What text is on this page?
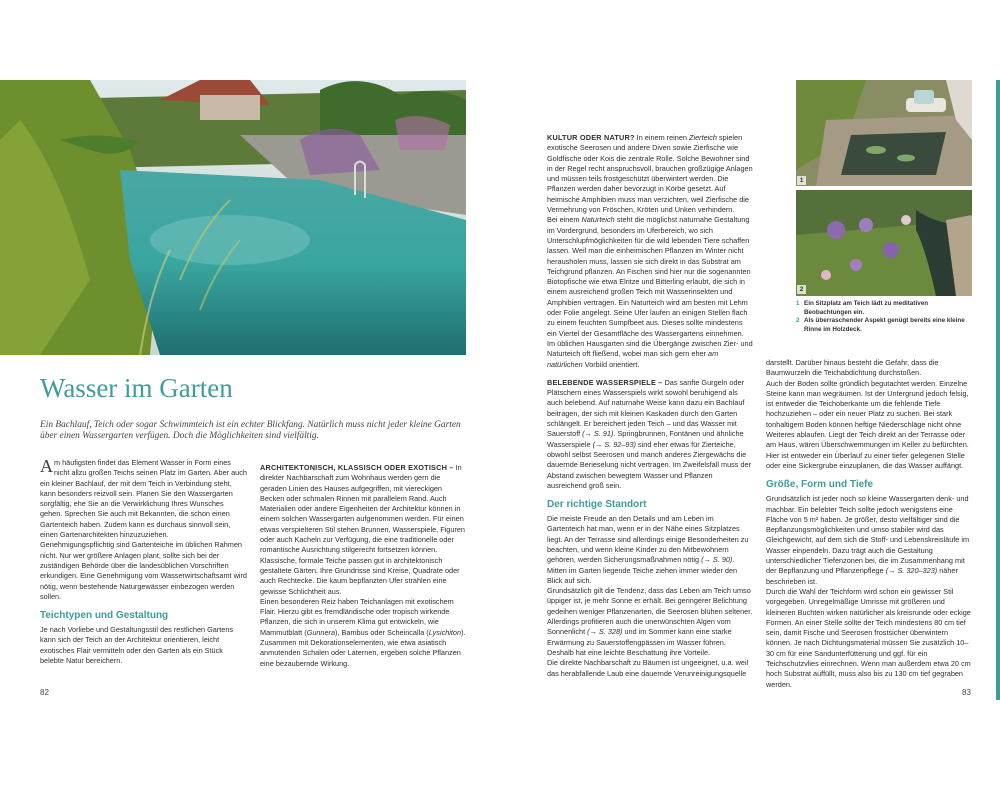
1
2
1 Ein Sitzplatz am Teich lädt zu meditativen Beobachtungen ein.
2 Als überraschender Aspekt genügt bereits eine kleine Rinne im Holzdeck.
Wasser im Garten

Ein Bachlauf, Teich oder sogar Schwimmteich ist ein echter Blickfang. Natürlich muss nicht jeder kleine Garten über einen Wassergarten verfügen. Doch die Möglichkeiten sind vielfältig.

Am häufigsten findet das Element Wasser in Form eines nicht allzu großen Teichs seinen Platz im Garten. Aber auch ein kleiner Bachlauf, der mit dem Teich in Verbindung steht, kann besonders reizvoll sein. Planen Sie den Wassergarten sorgfältig, ehe Sie an die Verwirklichung Ihres Wunsches gehen. Sprechen Sie auch mit Bekannten, die schon einen Gartenteich haben. Zudem kann es durchaus sinnvoll sein, einen Gartenarchitekten hinzuzuziehen.

Genehmigungspflichtig sind Gartenteiche im üblichen Rahmen nicht. Nur wer größere Anlagen plant, sollte sich bei der zuständigen Behörde über die landesüblichen Vorschriften erkundigen. Eine Genehmigung vom Wasserwirtschaftsamt wird nötig, wenn bestehende Naturgewässer einbezogen werden sollen.

Teichtypen und Gestaltung

Je nach Vorliebe und Gestaltungsstil des restlichen Gartens kann sich der Teich an der Architektur orientieren, leicht exotisches Flair vermitteln oder den Garten als ein Stück belebte Natur bereichern.

ARCHITEKTONISCH, KLASSISCH ODER EXOTISCH – In direkter Nachbarschaft zum Wohnhaus werden gern die geraden Linien des Hauses aufgegriffen, mit viereckigen Becken oder schmalen Rinnen mit parallelem Rand. Auch Materialien oder andere Eigenheiten der Architektur können in einem solchen Wassergarten aufgenommen werden. Für einen etwas verspielteren Stil stehen Brunnen, Wasserspiele, Figuren oder auch Kacheln zur Verfügung, die eine traditionelle oder romantische Ausrichtung stilgerecht fortsetzen können.

Klassische, formale Teiche passen gut in architektonisch gestaltete Gärten. Ihre Grundrisse sind Kreise, Quadrate oder auch Rechtecke. Die kaum bepflanzten Ufer strahlen eine gewisse Schlichtheit aus.

Einen besonderen Reiz haben Teichanlagen mit exotischem Flair. Hierzu gibt es fremdländische oder tropisch wirkende Pflanzen, die sich in unserem Klima gut entwickeln, wie Mammutblatt (Gunnera), Bambus oder Scheincalla (Lysichiton). Zusammen mit Dekorationselementen, wie etwa asiatisch anmutenden Schalen oder Laternen, ergeben solche Pflanzen eine bezaubernde Wirkung.

KULTUR ODER NATUR? In einem reinen Zierteich spielen exotische Seerosen und andere Diven sowie Zierfische wie Goldfische oder Kois die zentrale Rolle. Solche Bewohner sind in der Regel recht anspruchsvoll, brauchen großzügige Anlagen und müssen teils frostgeschützt überwintert werden. Die Pflanzen werden daher bevorzugt in Körbe gesetzt. Auf heimische Amphibien muss man verzichten, weil Zierfische die Vermehrung von Fröschen, Kröten und Unken verhindern.

Bei einem Naturteich steht die möglichst naturnahe Gestaltung im Vordergrund, besonders im Uferbereich, wo sich Unterschlupfmöglichkeiten für die wild lebenden Tiere schaffen lassen. Weil man die einheimischen Pflanzen im Winter nicht herausholen muss, lassen sie sich direkt in das Substrat am Teichgrund pflanzen. An Fischen sind hier nur die sogenannten Biotopfische wie etwa Elritze und Bitterling erlaubt, die sich in einem ausreichend großen Teich mit Wasserinsekten und Amphibien vertragen. Ein Naturteich wird am besten mit Lehm oder Folie angelegt. Seine Ufer laufen an einigen Stellen flach zu einem feuchten Sumpfbeet aus. Dieses sollte mindestens ein Viertel der Gesamtfläche des Wassergartens einnehmen.

Im üblichen Hausgarten sind die Übergänge zwischen Zier- und Naturteich oft fließend, wobei man sich gern eher am natürlichen Vorbild orientiert.

BELEBENDE WASSERSPIELE – Das sanfte Gurgeln oder Plätschern eines Wasserspiels wirkt sowohl beruhigend als auch belebend. Auf naturnahe Weise kann dazu ein Bachlauf beitragen, der sich mit kleinen Kaskaden durch den Garten schlängelt. Er bereichert jeden Teich – und das Wasser mit Sauerstoff (→ S. 91). Springbrunnen, Fontänen und ähnliche Wasserspiele (→ S. 92–93) sind eher etwas für Zierteiche, obwohl selbst Seerosen und manch anderes Ziergewächs die dauernde Berieselung nicht vertragen. Im Zweifelsfall muss der Abstand zwischen bewegtem Wasser und Pflanzen ausreichend groß sein.

Der richtige Standort

Die meiste Freude an den Details und am Leben im Gartenteich hat man, wenn er in der Nähe eines Sitzplatzes liegt. An der Terrasse sind allerdings einige Besonderheiten zu beachten, und wenn kleine Kinder zu den Mitbewohnern gehören, werden Sicherungsmaßnahmen nötig (→ S. 90). Mitten im Garten liegende Teiche ziehen immer wieder den Blick auf sich.

Grundsätzlich gilt die Tendenz, dass das Leben am Teich umso üppiger ist, je mehr Sonne er erhält. Bei geringerer Belichtung gedeihen weniger Pflanzenarten, die Seerosen blühen seltener. Allerdings profitieren auch die unerwünschten Algen vom Sonnenlicht (→ S. 328) und im Sommer kann eine starke Erwärmung zu Sauerstoffengpässen im Wasser führen. Deshalb hat eine leichte Beschattung ihre Vorteile.

Die direkte Nachbarschaft zu Bäumen ist ungeeignet, u.a. weil das herabfallende Laub eine dauernde Verunreinigungsquelle

darstellt. Darüber hinaus besteht die Gefahr, dass die Baumwurzeln die Teichabdichtung durchstoßen.

Auch der Boden sollte gründlich begutachtet werden. Einzelne Steine kann man wegräumen. Ist der Untergrund jedoch felsig, ist entweder die Teichoberkante um die fehlende Tiefe hochzuziehen – oder ein neuer Platz zu suchen. Bei stark tonhaltigem Boden können heftige Niederschläge nicht ohne Weiteres ablaufen. Liegt der Teich direkt an der Terrasse oder am Haus, wären Überschwemmungen im Keller zu befürchten. Hier ist entweder ein Überlauf zu einer tiefer gelegenen Stelle oder eine Sickergrube einzuplanen, die das Wasser auffängt.

Größe, Form und Tiefe

Grundsätzlich ist jeder noch so kleine Wassergarten denk- und machbar. Ein belebter Teich sollte jedoch wenigstens eine Fläche von 5 m² haben. Je größer, desto vielfältiger sind die Bepflanzungsmöglichkeiten und umso stabiler wird das Gleichgewicht, auf dem sich die Stoff- und Lebenskreisläufe im Wasser einpendeln. Dazu trägt auch die Gestaltung unterschiedlicher Tiefenzonen bei, die im Zusammenhang mit der Bepflanzung und Pflanzenpflege (→ S. 320–323) näher beschrieben ist.

Durch die Wahl der Teichform wird schon ein gewisser Stil vorgegeben. Unregelmäßige Umrisse mit größeren und kleineren Buchten wirken natürlicher als kreisrunde oder eckige Formen. An einer Stelle sollte der Teich mindestens 80 cm tief sein, damit Fische und Seerosen frostsicher überwintern können. Je nach Dichtungsmaterial müssen Sie zusätzlich 10–30 cm für eine Sandunterfütterung und ggf. für ein Teichschutzvlies einrechnen. Wenn man außerdem etwa 20 cm hoch Substrat auffüllt, muss also bis zu 130 cm tief gegraben werden.

82	83
